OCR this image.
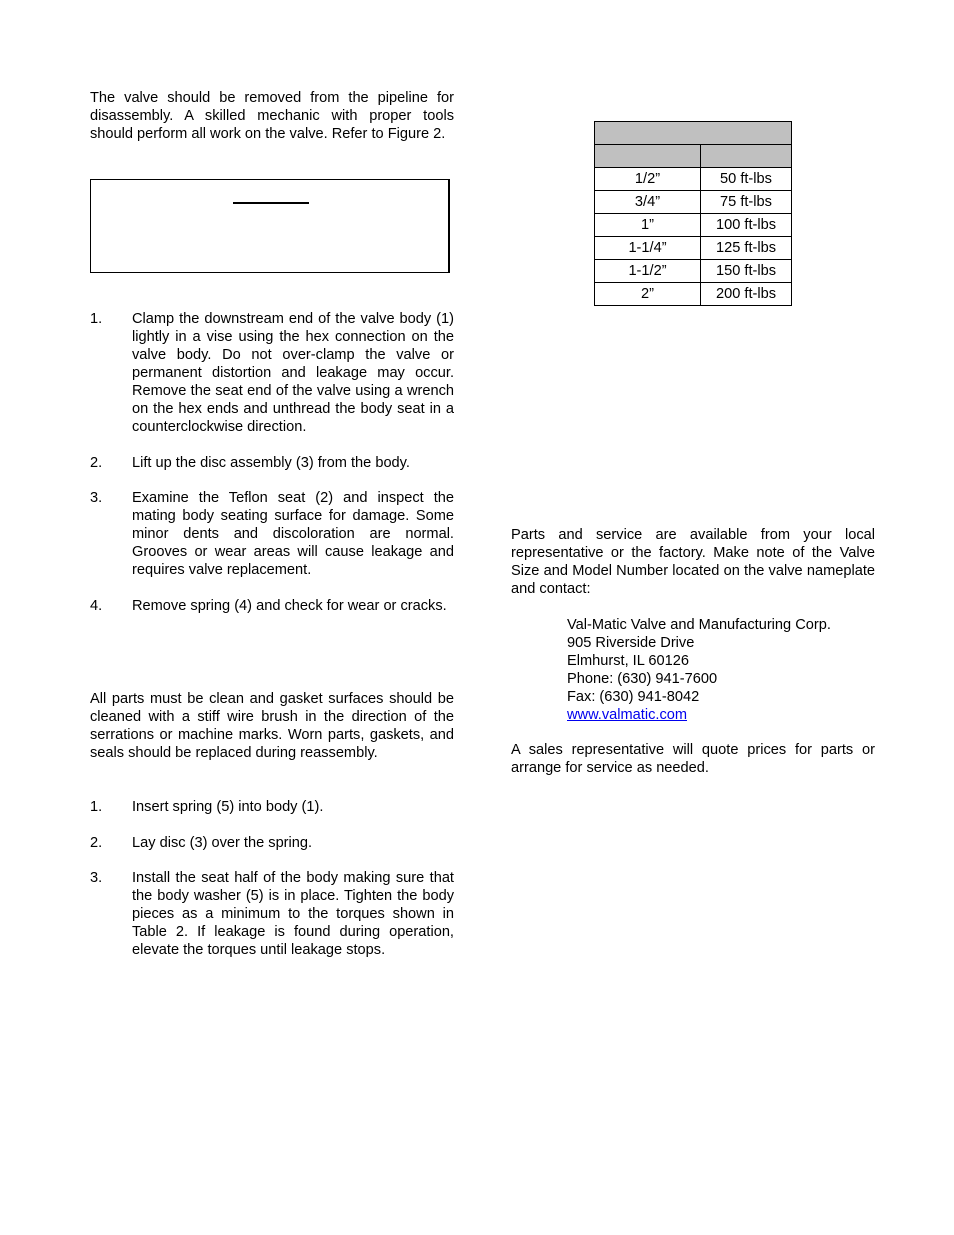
The valve should be removed from the pipeline for disassembly. A skilled mechanic with proper tools should perform all work on the valve. Refer to Figure 2.

1. Clamp the downstream end of the valve body (1) lightly in a vise using the hex connection on the valve body. Do not over-clamp the valve or permanent distortion and leakage may occur. Remove the seat end of the valve using a wrench on the hex ends and unthread the body seat in a counterclockwise direction.
2. Lift up the disc assembly (3) from the body.
3. Examine the Teflon seat (2) and inspect the mating body seating surface for damage. Some minor dents and discoloration are normal. Grooves or wear areas will cause leakage and requires valve replacement.
4. Remove spring (4) and check for wear or cracks.

All parts must be clean and gasket surfaces should be cleaned with a stiff wire brush in the direction of the serrations or machine marks. Worn parts, gaskets, and seals should be replaced during reassembly.

1. Insert spring (5) into body (1).
2. Lay disc (3) over the spring.
3. Install the seat half of the body making sure that the body washer (5) is in place. Tighten the body pieces as a minimum to the torques shown in Table 2. If leakage is found during operation, elevate the torques until leakage stops.

1/2”	50 ft-lbs
3/4”	75 ft-lbs
1”	100 ft-lbs
1-1/4”	125 ft-lbs
1-1/2”	150 ft-lbs
2”	200 ft-lbs

Parts and service are available from your local representative or the factory. Make note of the Valve Size and Model Number located on the valve nameplate and contact:

Val-Matic Valve and Manufacturing Corp.
905 Riverside Drive
Elmhurst, IL 60126
Phone: (630) 941-7600
Fax: (630) 941-8042
www.valmatic.com

A sales representative will quote prices for parts or arrange for service as needed.
